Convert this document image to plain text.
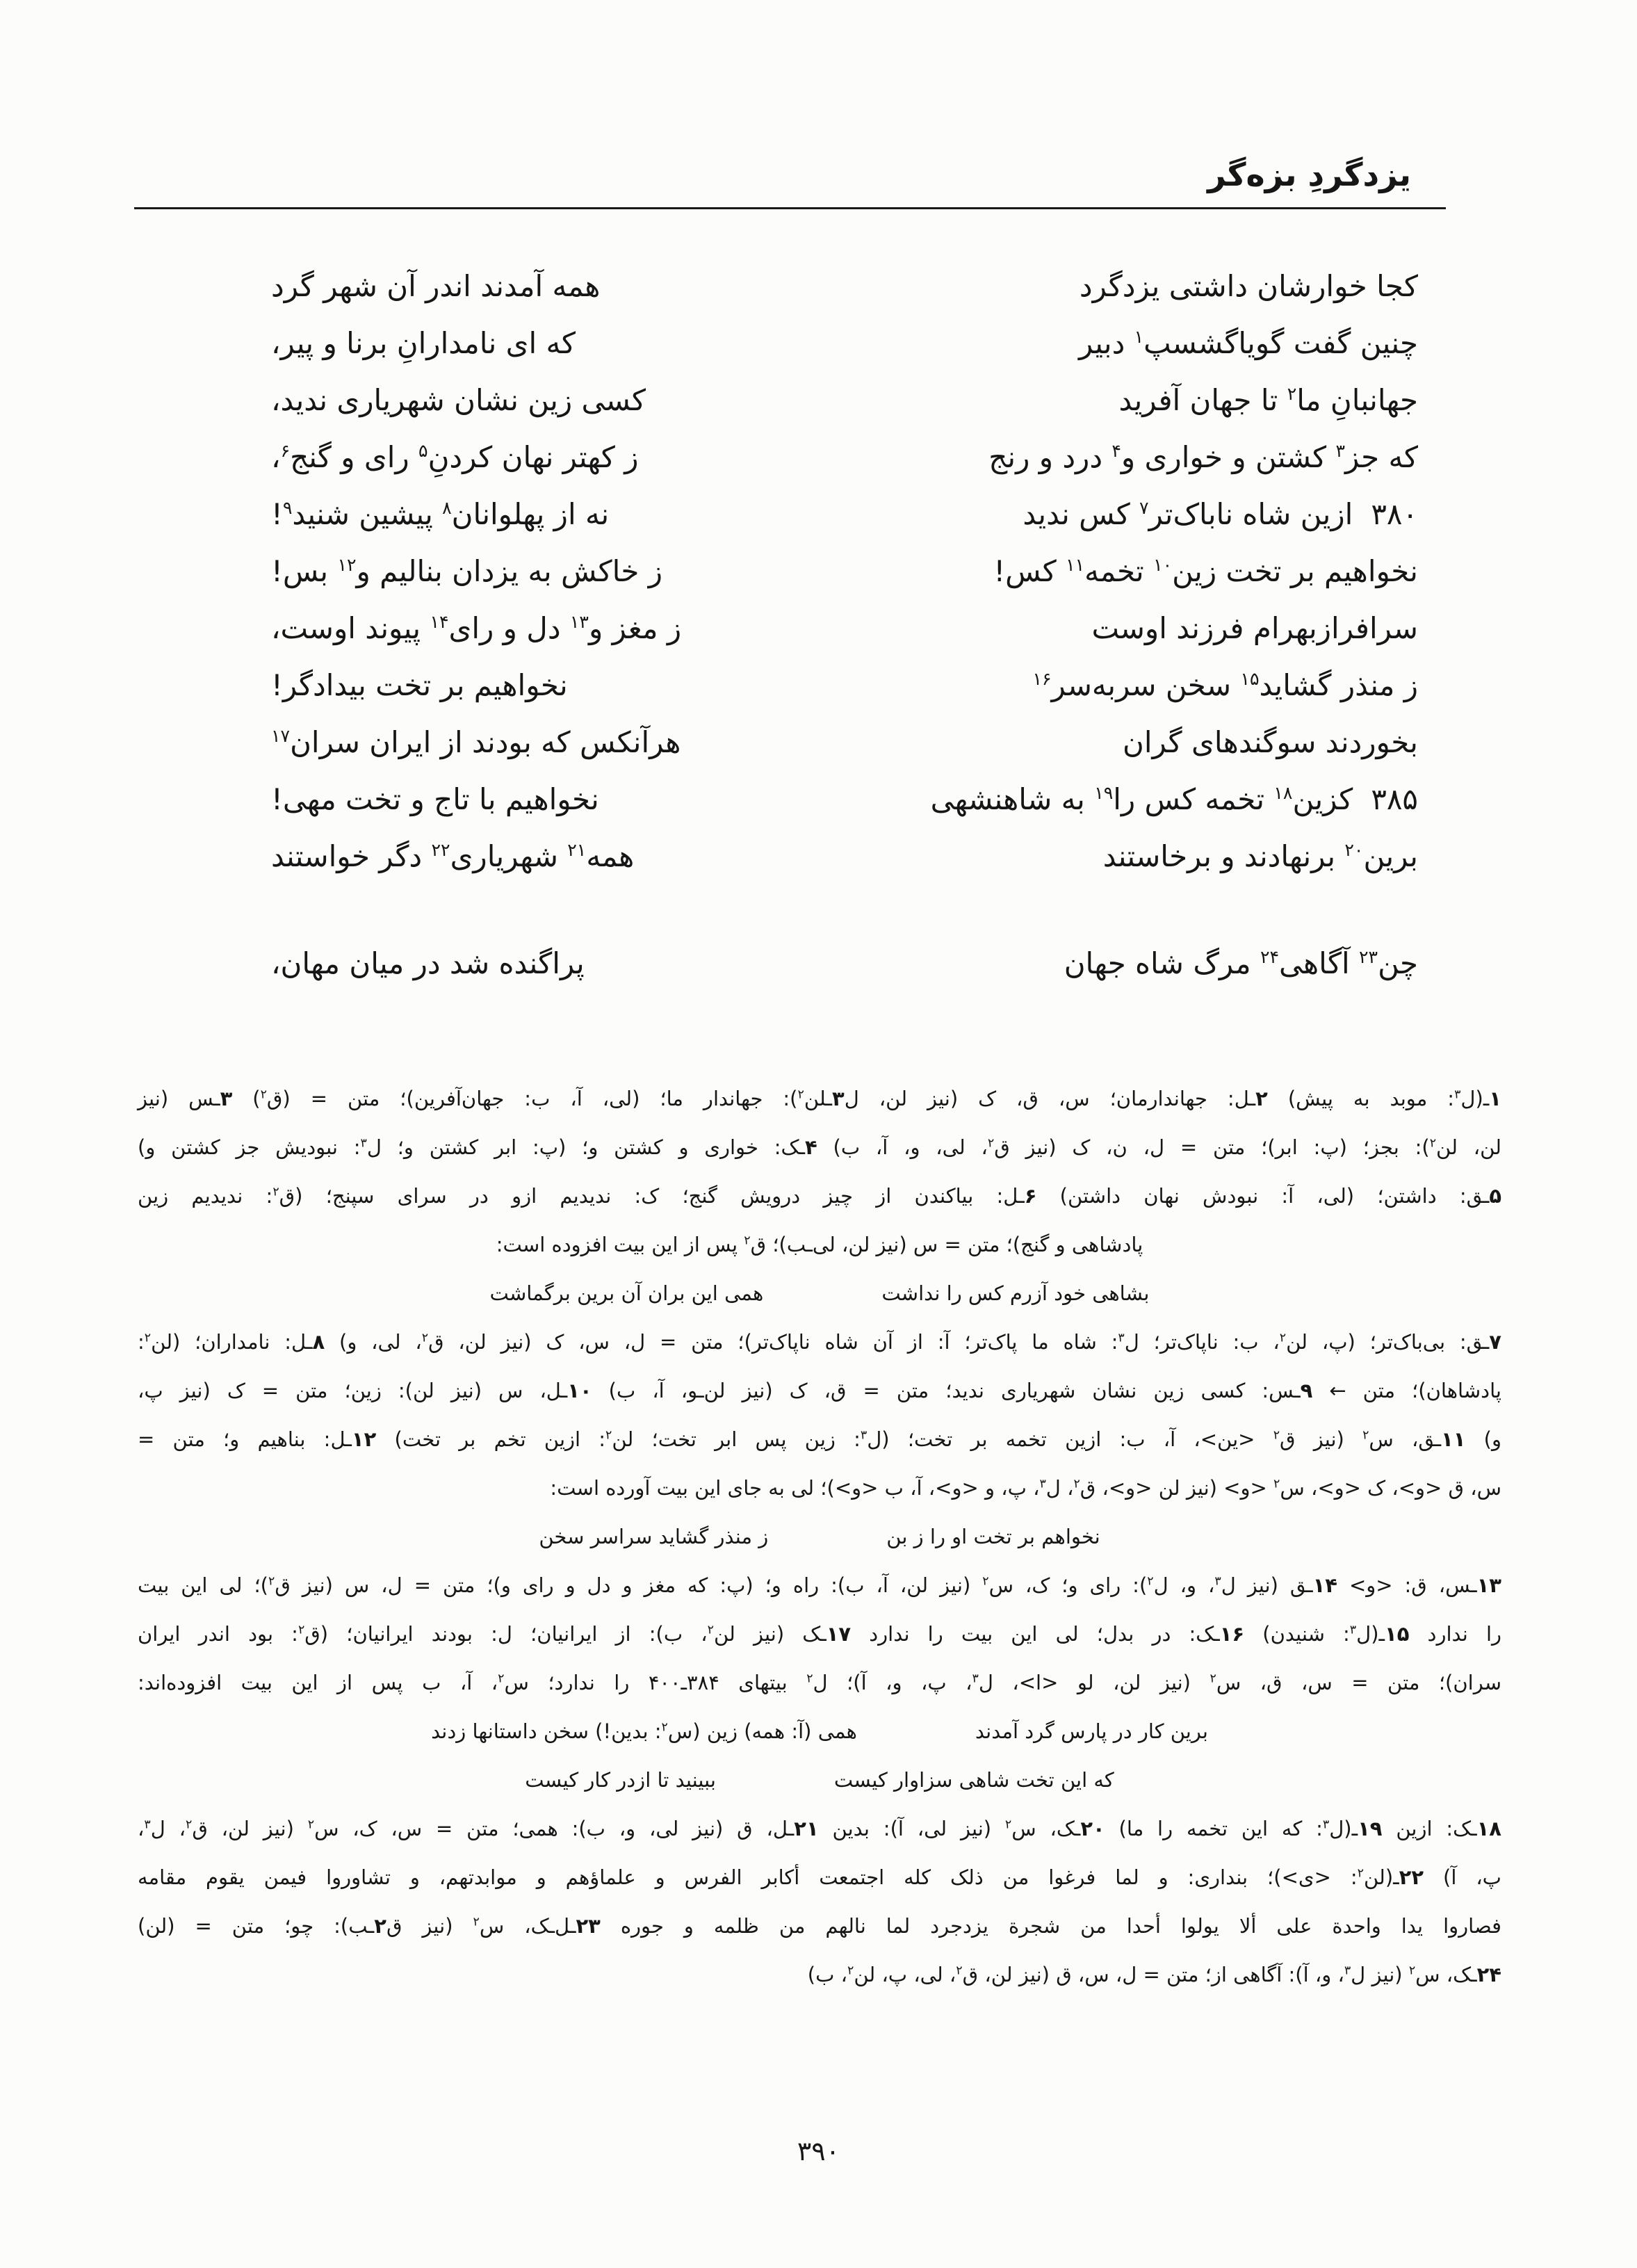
یزدگردِ بزه‌گر
کجا خوارشان داشتی یزدگرد
همه آمدند اندر آن شهر گرد
چنین گفت گویاگشسپ$^۱$ دبیر
که ای نامدارانِ برنا و پیر،
جهانبانِ ما$^۲$ تا جهان آفرید
کسی زین نشان شهریاری ندید،
که جز$^۳$ کشتن و خواری و$^۴$ درد و رنج
ز کهتر نهان کردنِ$^۵$ رای و گنج$^۶$،
۳۸۰
ازین شاه ناباک‌تر$^۷$ کس ندید
نه از پهلوانان$^۸$ پیشین شنید$^۹$!
نخواهیم بر تخت زین$^{۱۰}$ تخمه$^{۱۱}$ کس!
ز خاکش به یزدان بنالیم و$^{۱۲}$ بس!
سرافرازبهرام فرزند اوست
ز مغز و$^{۱۳}$ دل و رای$^{۱۴}$ پیوند اوست،
ز منذر گشاید$^{۱۵}$ سخن سربه‌سر$^{۱۶}$
نخواهیم بر تخت بیدادگر!
بخوردند سوگندهای گران
هرآنکس که بودند از ایران سران$^{۱۷}$
۳۸۵
کزین$^{۱۸}$ تخمه کس را$^{۱۹}$ به شاهنشهی
نخواهیم با تاج و تخت مهی!
برین$^{۲۰}$ برنهادند و برخاستند
همه$^{۲۱}$ شهریاری$^{۲۲}$ دگر خواستند
چن$^{۲۳}$ آگاهی$^{۲۴}$ مرگ شاه جهان
پراگنده شد در میان مهان،
۱ـ(ل$^۳$: موبد به پیش) ۲ـل: جهاندارمان؛ س، ق، ک (نیز لن، ل۳ـلن$^۲$): جهاندار ما؛ (لی، آ، ب: جهان‌آفرین)؛ متن = (ق$^۲$) ۳ـس (نیز
لن، لن$^۲$): بجز؛ (پ: ابر)؛ متن = ل، ن، ک (نیز ق$^۲$، لی، و، آ، ب) ۴ـک: خواری و کشتن و؛ (پ: ابر کشتن و؛ ل$^۳$: نبودیش جز کشتن و)
۵ـق: داشتن؛ (لی، آ: نبودش نهان داشتن) ۶ـل: بیاکندن از چیز درویش گنج؛ ک: ندیدیم ازو در سرای سپنج؛ (ق$^۲$: ندیدیم زین
پادشاهی و گنج)؛ متن = س (نیز لن، لی‌ـب)؛ ق$^۲$ پس از این بیت افزوده است:
بشاهی خود آزرم کس را نداشت
همی این بران آن برین برگماشت
۷ـق: بی‌باک‌تر؛ (پ، لن$^۲$، ب: ناپاک‌تر؛ ل$^۳$: شاه ما پاک‌تر؛ آ: از آن شاه ناپاک‌تر)؛ متن = ل، س، ک (نیز لن، ق$^۲$، لی، و) ۸ـل: نامداران؛ (لن$^۲$:
پادشاهان)؛ متن ← ۹ـس: کسی زین نشان شهریاری ندید؛ متن = ق، ک (نیز لن‌ـو، آ، ب) ۱۰ـل، س (نیز لن): زین؛ متن = ک (نیز پ،
و) ۱۱ـق، س$^۲$ (نیز ق$^۲$ <ین>، آ، ب: ازین تخمه بر تخت؛ (ل$^۳$: زین پس ابر تخت؛ لن$^۲$: ازین تخم بر تخت) ۱۲ـل: بناهیم و؛ متن =
س، ق <و>، ک <و>، س$^۲$ <و> (نیز لن <و>، ق$^۲$، ل$^۳$، پ، و <و>، آ، ب <و>)؛ لی به جای این بیت آورده است:
نخواهم بر تخت او را ز بن
ز منذر گشاید سراسر سخن
۱۳ـس، ق: <و> ۱۴ـق (نیز ل$^۳$، و، ل$^۲$): رای و؛ ک، س$^۲$ (نیز لن، آ، ب): راه و؛ (پ: که مغز و دل و رای و)؛ متن = ل، س (نیز ق$^۲$)؛ لی این بیت
را ندارد ۱۵ـ(ل$^۳$: شنیدن) ۱۶ـک: در بدل؛ لی این بیت را ندارد ۱۷ـک (نیز لن$^۲$، ب): از ایرانیان؛ ل: بودند ایرانیان؛ (ق$^۲$: بود اندر ایران
سران)؛ متن = س، ق، س$^۲$ (نیز لن، لو <ا>، ل$^۳$، پ، و، آ)؛ ل$^۲$ بیتهای ۳۸۴ـ۴۰۰ را ندارد؛ س$^۲$، آ، ب پس از این بیت افزوده‌اند:
برین کار در پارس گرد آمدند
همی (آ: همه) زین (س$^۲$: بدین!) سخن داستانها زدند
که این تخت شاهی سزاوار کیست
ببینید تا ازدر کار کیست
۱۸ـک: ازین ۱۹ـ(ل$^۳$: که این تخمه را ما) ۲۰ـک، س$^۲$ (نیز لی، آ): بدین ۲۱ـل، ق (نیز لی، و، ب): همی؛ متن = س، ک، س$^۲$ (نیز لن، ق$^۲$، ل$^۳$،
پ، آ) ۲۲ـ(لن$^۲$: <ی>)؛ بنداری: و لما فرغوا من ذلک کله اجتمعت أکابر الفرس و علماؤهم و موابدتهم، و تشاوروا فیمن یقوم مقامه
فصاروا یدا واحدة علی ألا یولوا أحدا من شجرة یزدجرد لما نالهم من ظلمه و جوره ۲۳ـل‌ـک، س$^۲$ (نیز ق۲ـب): چو؛ متن = (لن)
۲۴ـک، س$^۲$ (نیز ل$^۳$، و، آ): آگاهی از؛ متن = ل، س، ق (نیز لن، ق$^۲$، لی، پ، لن$^۲$، ب)
۳۹۰
